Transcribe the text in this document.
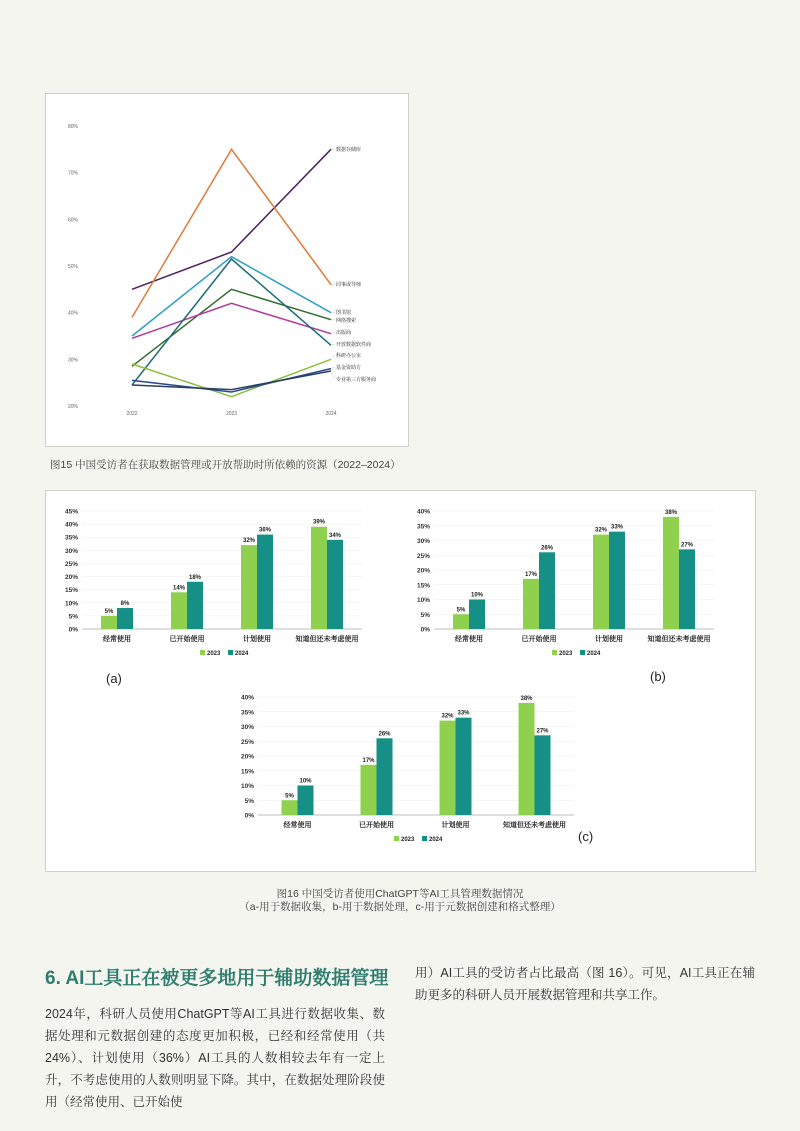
20%
30%
40%
50%
60%
70%
80%
2022	2023	2024
数据存储库
同事或导师
图书馆
网络搜索
出版商
开放数据软件商
科研办公室
基金资助方
专业第三方服务商
图15 中国受访者在获取数据管理或开放帮助时所依赖的资源（2022–2024）
0%
5%
10%
15%
20%
25%
30%
35%
40%
45%
5%
8%
经常使用
14%
18%
已开始使用
32%
36%
计划使用
39%
34%
知道但还未考虑使用
2023 2024
0%
5%
10%
15%
20%
25%
30%
35%
40%
5%
10%
经常使用
17%
26%
已开始使用
32% 33%
计划使用
38%
27%
知道但还未考虑使用
2023 2024
0%
5%
10%
15%
20%
25%
30%
35%
40%
5%
10%
经常使用
17%
26%
已开始使用
32% 33%
计划使用
38%
27%
知道但还未考虑使用
2023 2024
(a)	(b)
(c)
图16 中国受访者使用ChatGPT等AI工具管理数据情况
（a-用于数据收集，b-用于数据处理，c-用于元数据创建和格式整理）
6. AI工具正在被更多地用于辅助数据管理
2024年，科研人员使用ChatGPT等AI工具进行数据收集、数据处理和元数据创建的态度更加积极，已经和经常使用（共24%）、计划使用（36%）AI工具的人数相较去年有一定上升，不考虑使用的人数则明显下降。其中，在数据处理阶段使用（经常使用、已开始使
用）AI工具的受访者占比最高（图 16）。可见，AI工具正在辅助更多的科研人员开展数据管理和共享工作。
